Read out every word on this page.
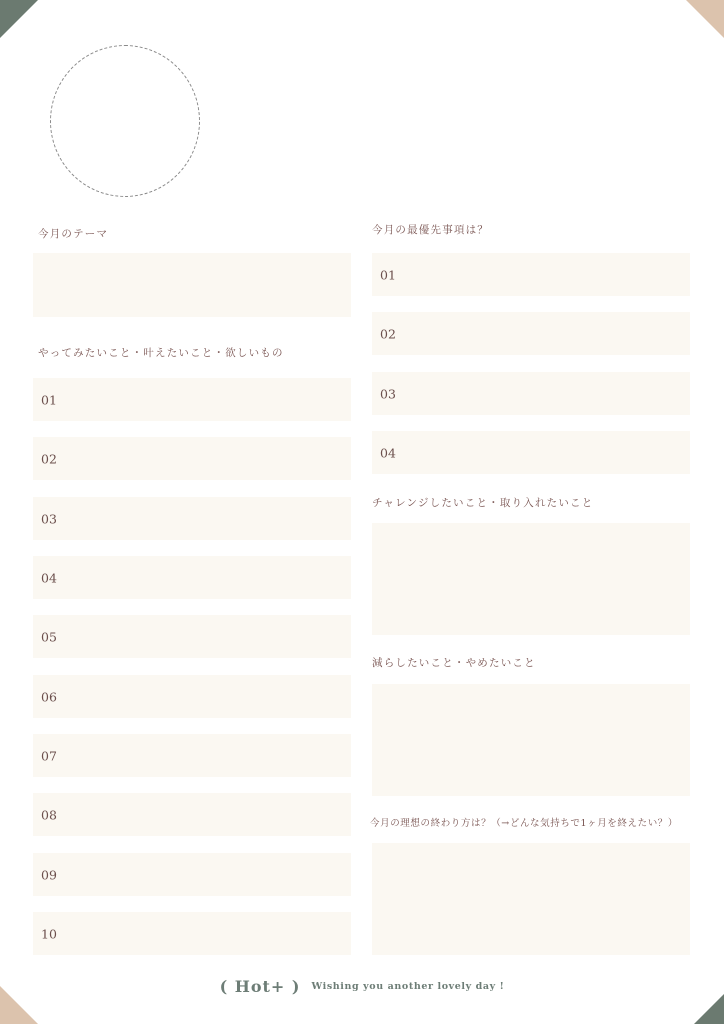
今月のテーマ
やってみたいこと・叶えたいこと・欲しいもの
01
02
03
04
05
06
07
08
09
10
今月の最優先事項は？
01
02
03
04
チャレンジしたいこと・取り入れたいこと
減らしたいこと・やめたいこと
今月の理想の終わり方は？（→どんな気持ちで1ヶ月を終えたい？）
( Hot+ ) Wishing you another lovely day !
